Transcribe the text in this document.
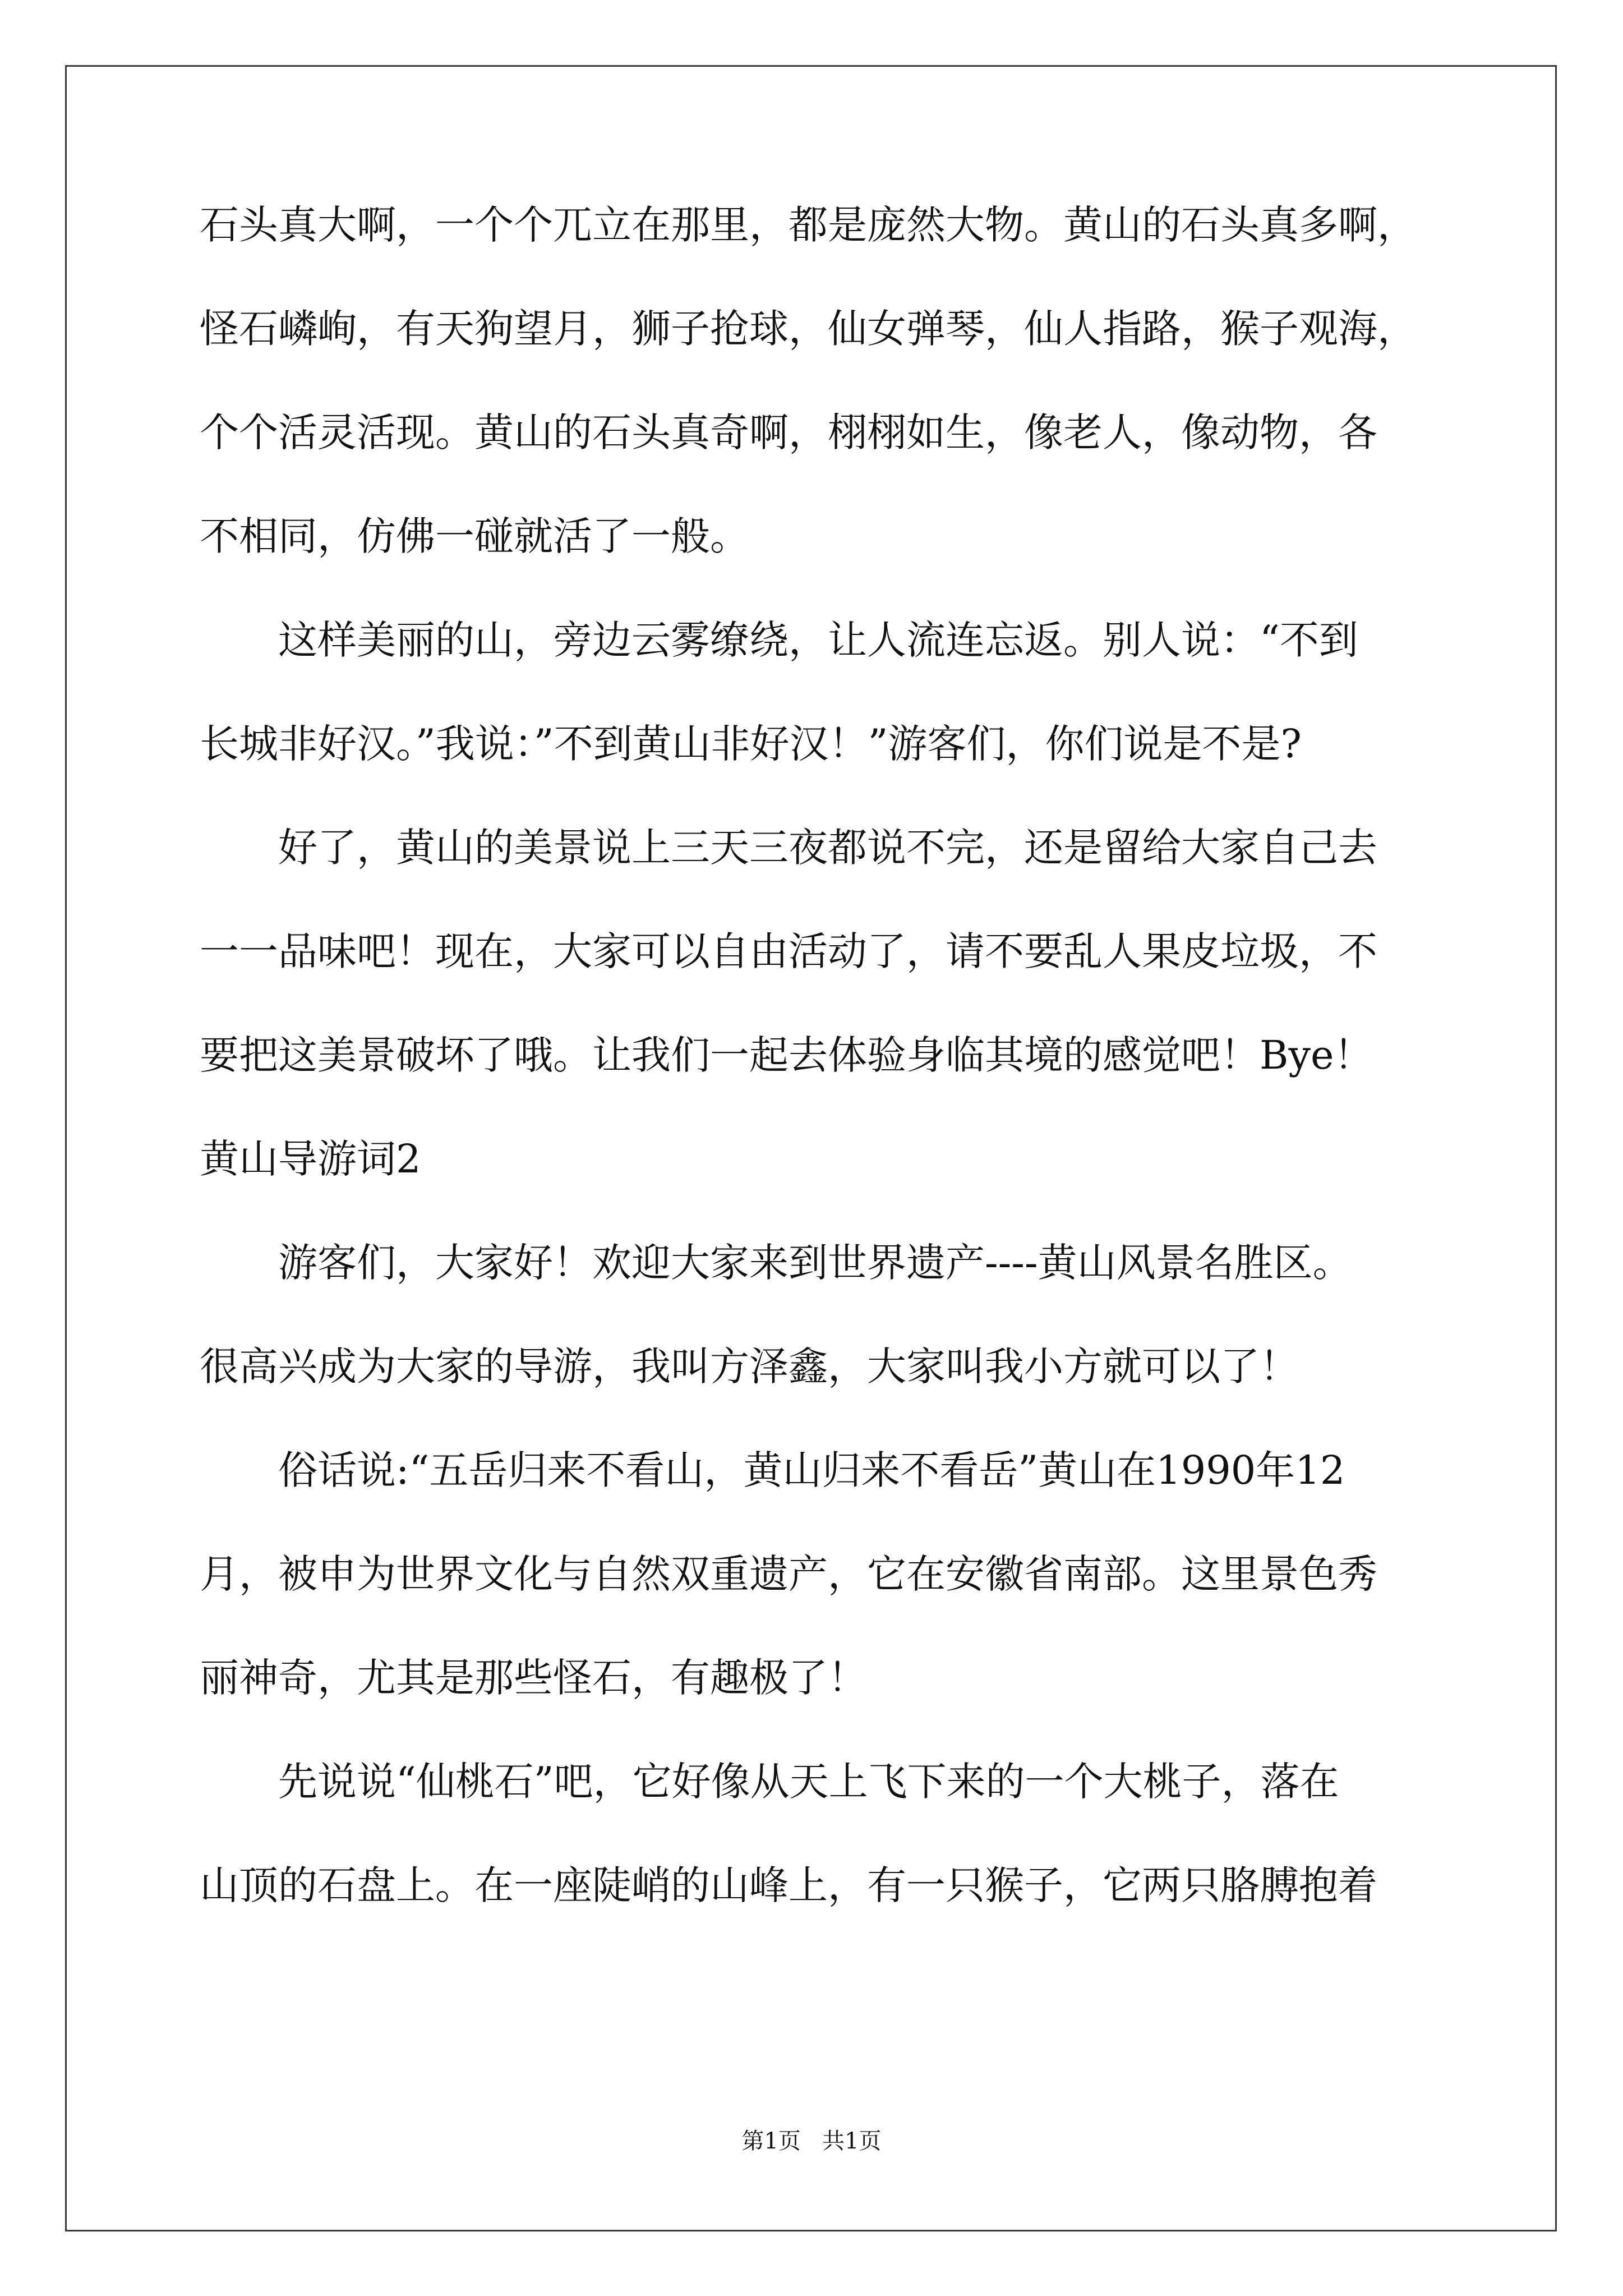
石头真大啊，一个个兀立在那里，都是庞然大物。黄山的石头真多啊，
怪石嶙峋，有天狗望月，狮子抢球，仙女弹琴，仙人指路，猴子观海，
个个活灵活现。黄山的石头真奇啊，栩栩如生，像老人，像动物，各
不相同，仿佛一碰就活了一般。
这样美丽的山，旁边云雾缭绕，让人流连忘返。别人说：“不到
长城非好汉。”我说：”不到黄山非好汉！”游客们，你们说是不是?
好了，黄山的美景说上三天三夜都说不完，还是留给大家自己去
一一品味吧！现在，大家可以自由活动了，请不要乱人果皮垃圾，不
要把这美景破坏了哦。让我们一起去体验身临其境的感觉吧！Bye！
黄山导游词2
游客们，大家好！欢迎大家来到世界遗产----黄山风景名胜区。
很高兴成为大家的导游，我叫方泽鑫，大家叫我小方就可以了！
俗话说:“五岳归来不看山，黄山归来不看岳”黄山在1990年12
月，被申为世界文化与自然双重遗产，它在安徽省南部。这里景色秀
丽神奇，尤其是那些怪石，有趣极了！
先说说“仙桃石”吧，它好像从天上飞下来的一个大桃子，落在
山顶的石盘上。在一座陡峭的山峰上，有一只猴子，它两只胳膊抱着
第1页   共1页
